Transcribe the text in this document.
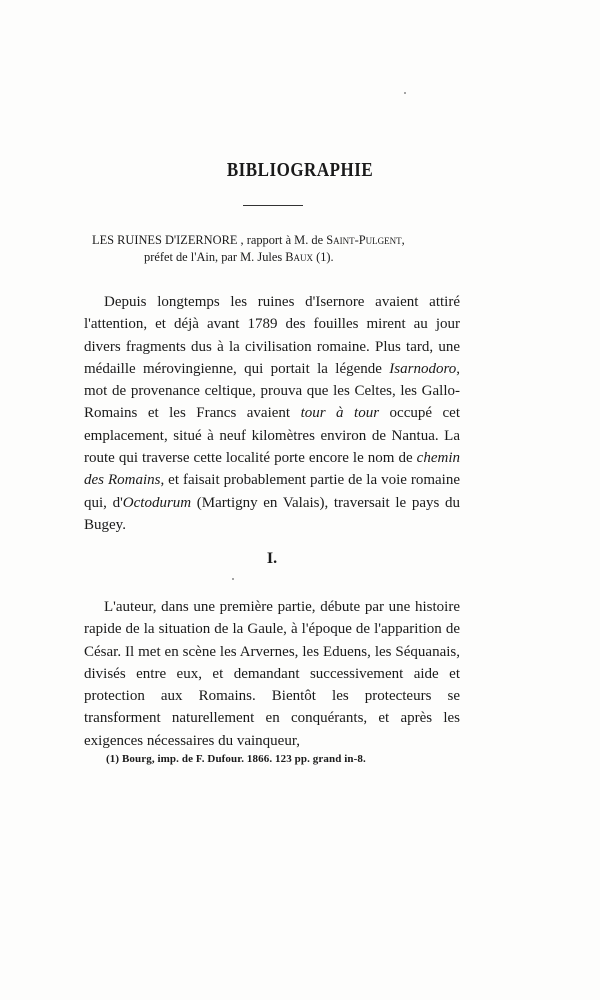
BIBLIOGRAPHIE
LES RUINES D'IZERNORE , rapport à M. de Saint-Pulgent,
préfet de l'Ain, par M. Jules Baux (1).

Depuis longtemps les ruines d'Isernore avaient attiré l'attention, et déjà avant 1789 des fouilles mirent au jour divers fragments dus à la civilisation romaine. Plus tard, une médaille mérovingienne, qui portait la légende Isarnodoro, mot de provenance celtique, prouva que les Celtes, les Gallo-Romains et les Francs avaient tour à tour occupé cet emplacement, situé à neuf kilomètres environ de Nantua. La route qui traverse cette localité porte encore le nom de chemin des Romains, et faisait probablement partie de la voie romaine qui, d'Octodurum (Martigny en Valais), traversait le pays du Bugey.

I.

L'auteur, dans une première partie, débute par une histoire rapide de la situation de la Gaule, à l'époque de l'apparition de César. Il met en scène les Arvernes, les Eduens, les Séquanais, divisés entre eux, et demandant successivement aide et protection aux Romains. Bientôt les protecteurs se transforment naturellement en conquérants, et après les exigences nécessaires du vainqueur,

(1) Bourg, imp. de F. Dufour. 1866. 123 pp. grand in-8.
